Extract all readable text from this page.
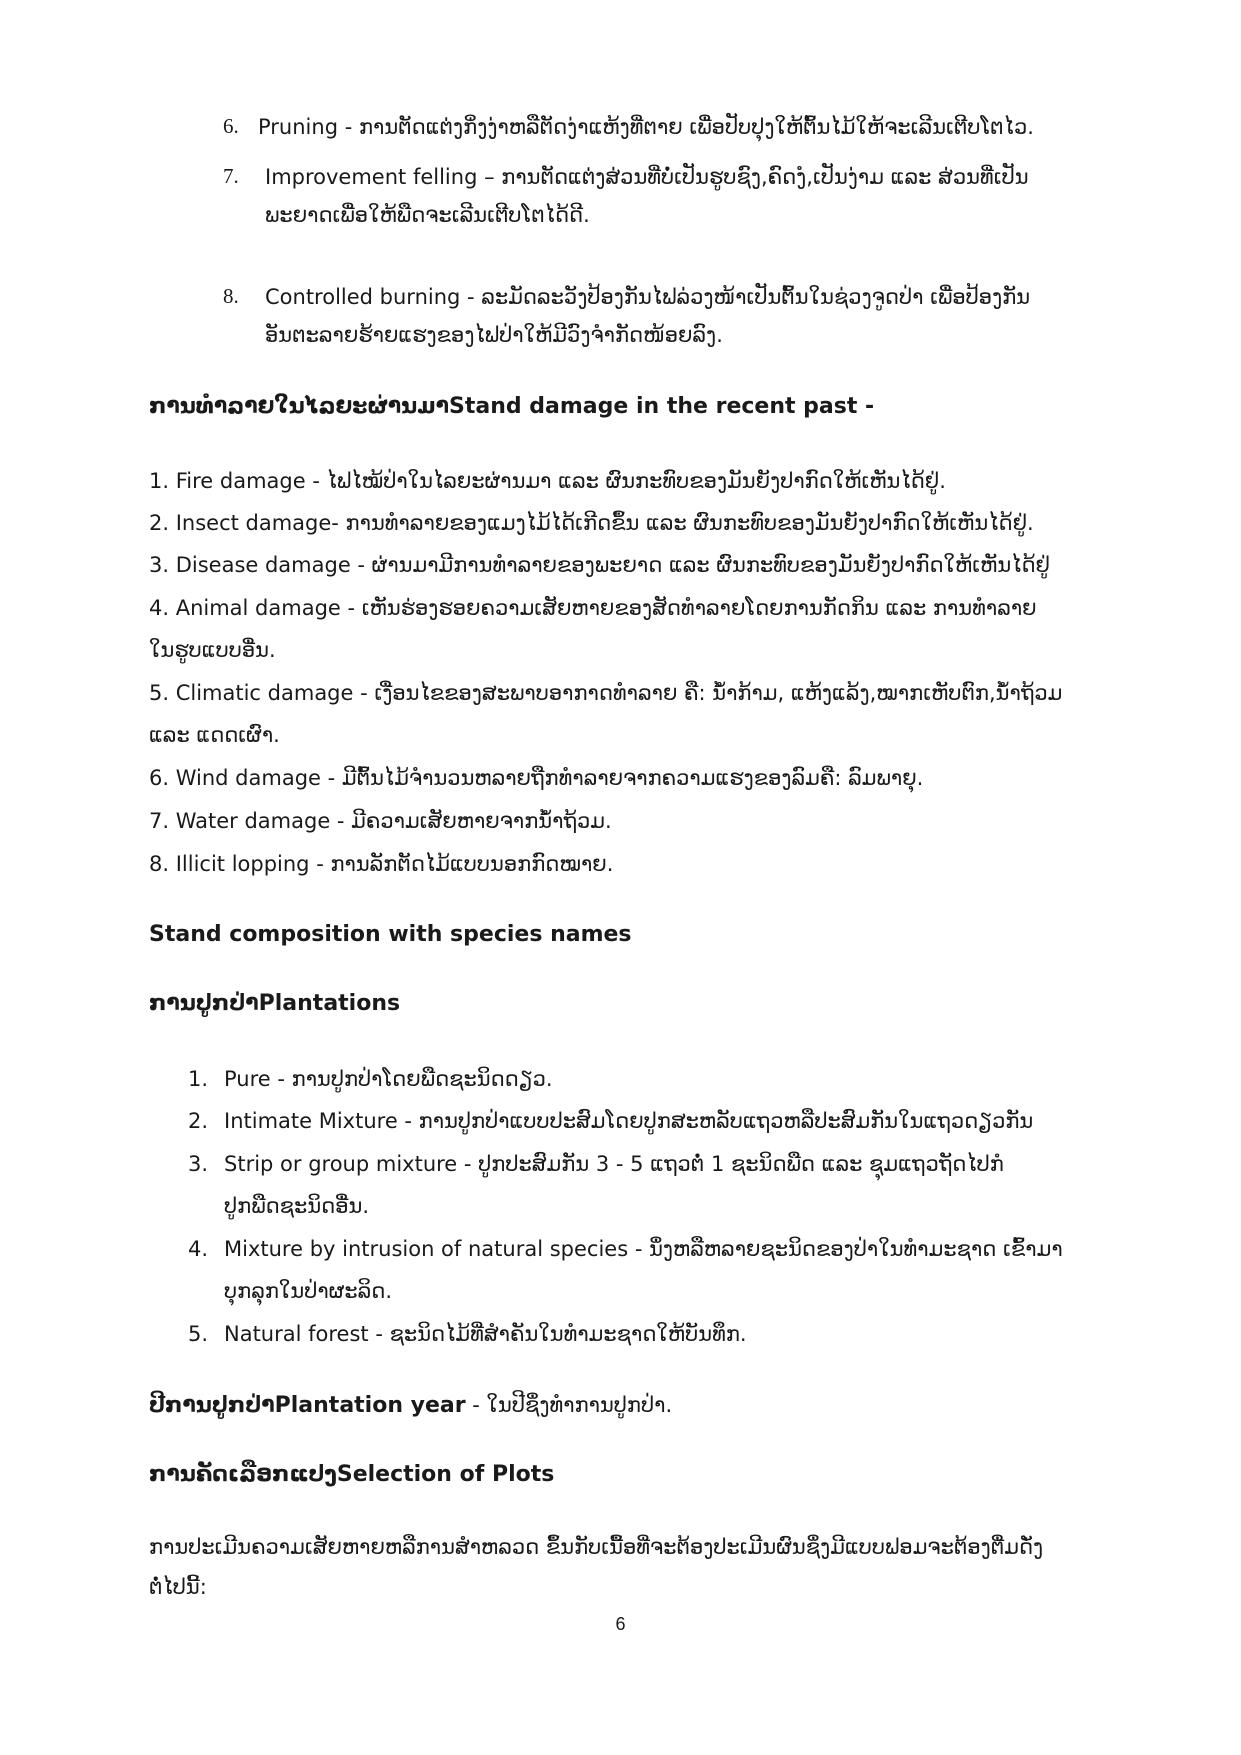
6. Pruning - ການຕັດແຕ່ງກິ່ງງ່າຫລືຕັດງ່າແຫ້ງທີ່ຕາຍ ເພື່ອປັບປຸງໃຫ້ຕົ້ນໄມ້ໃຫ້ຈະເລີນເຕີບໂຕໄວ.
7. Improvement felling – ການຕັດແຕ່ງສ່ວນທີ່ບໍ່ເປັນຮູບຊົງ,ຄົດງໍ,ເປັນງ່າມ ແລະ ສ່ວນທີ່ເປັນ
ພະຍາດເພື່ອໃຫ້ພືດຈະເລີນເຕີບໂຕໄດ້ດີ.
8. Controlled burning - ລະມັດລະວັງປ້ອງກັນໄຟລ່ວງໜ້າເປັນຕົ້ນໃນຊ່ວງຈູດປ່າ ເພື່ອປ້ອງກັນ
ອັນຕະລາຍຮ້າຍແຮງຂອງໄຟປ່າໃຫ້ມີວົງຈຳກັດໜ້ອຍລົງ.
ການທຳລາຍໃນໄລຍະຜ່ານມາStand damage in the recent past -
1. Fire damage - ໄຟໄໝ້ປ່າໃນໄລຍະຜ່ານມາ ແລະ ຜົນກະທົບຂອງມັນຍັງປາກົດໃຫ້ເຫັນໄດ້ຢູ່.
2. Insect damage- ການທຳລາຍຂອງແມງໄມ້ໄດ້ເກີດຂຶ້ນ ແລະ ຜົນກະທົບຂອງມັນຍັງປາກົດໃຫ້ເຫັນໄດ້ຢູ່.
3. Disease damage - ຜ່ານມາມີການທຳລາຍຂອງພະຍາດ ແລະ ຜົນກະທົບຂອງມັນຍັງປາກົດໃຫ້ເຫັນໄດ້ຢູ່
4. Animal damage - ເຫັນຮ່ອງຮອຍຄວາມເສັຍຫາຍຂອງສັດທຳລາຍໂດຍການກັດກິນ ແລະ ການທຳລາຍ
ໃນຮູບແບບອື່ນ.
5. Climatic damage - ເງື່ອນໄຂຂອງສະພາບອາກາດທຳລາຍ ຄື: ນ້ຳກ້າມ, ແຫ້ງແລ້ງ,ໝາກເຫັບຕົກ,ນ້ຳຖ້ວມ
ແລະ ແດດເຜົາ.
6. Wind damage - ມີຕົ້ນໄມ້ຈຳນວນຫລາຍຖືກທຳລາຍຈາກຄວາມແຮງຂອງລົມຄື: ລົມພາຍຸ.
7. Water damage - ມີຄວາມເສັຍຫາຍຈາກນ້ຳຖ້ວມ.
8. Illicit lopping - ການລັກຕັດໄມ້ແບບນອກກົດໝາຍ.
Stand composition with species names
ການປູກປ່າPlantations
1. Pure - ການປູກປ່າໂດຍພືດຊະນິດດຽວ.
2. Intimate Mixture - ການປູກປ່າແບບປະສົມໂດຍປູກສະຫລັບແຖວຫລືປະສົມກັນໃນແຖວດຽວກັນ
3. Strip or group mixture - ປູກປະສົມກັນ 3 - 5 ແຖວຕໍ່ 1 ຊະນິດພືດ ແລະ ຊຸມແຖວຖັດໄປກໍ
ປູກພືດຊະນິດອື່ນ.
4. Mixture by intrusion of natural species - ນຶ່ງຫລືຫລາຍຊະນິດຂອງປ່າໃນທຳມະຊາດ ເຂົ້າມາ
ບຸກລຸກໃນປ່າຜະລິດ.
5. Natural forest - ຊະນິດໄມ້ທີ່ສຳຄັນໃນທຳມະຊາດໃຫ້ບັນທຶກ.
ປີການປູກປ່າPlantation year - ໃນປີຊຶ່ງທຳການປູກປ່າ.
ການຄັດເລືອກແປງSelection of Plots
ການປະເມີນຄວາມເສັຍຫາຍຫລືການສຳຫລວດ ຂຶ້ນກັບເນື້ອທີ່ຈະຕ້ອງປະເມີນຜົນຊຶ່ງມີແບບຟອມຈະຕ້ອງຕື່ມດັ່ງ
ຕໍ່ໄປນີ້:
6
